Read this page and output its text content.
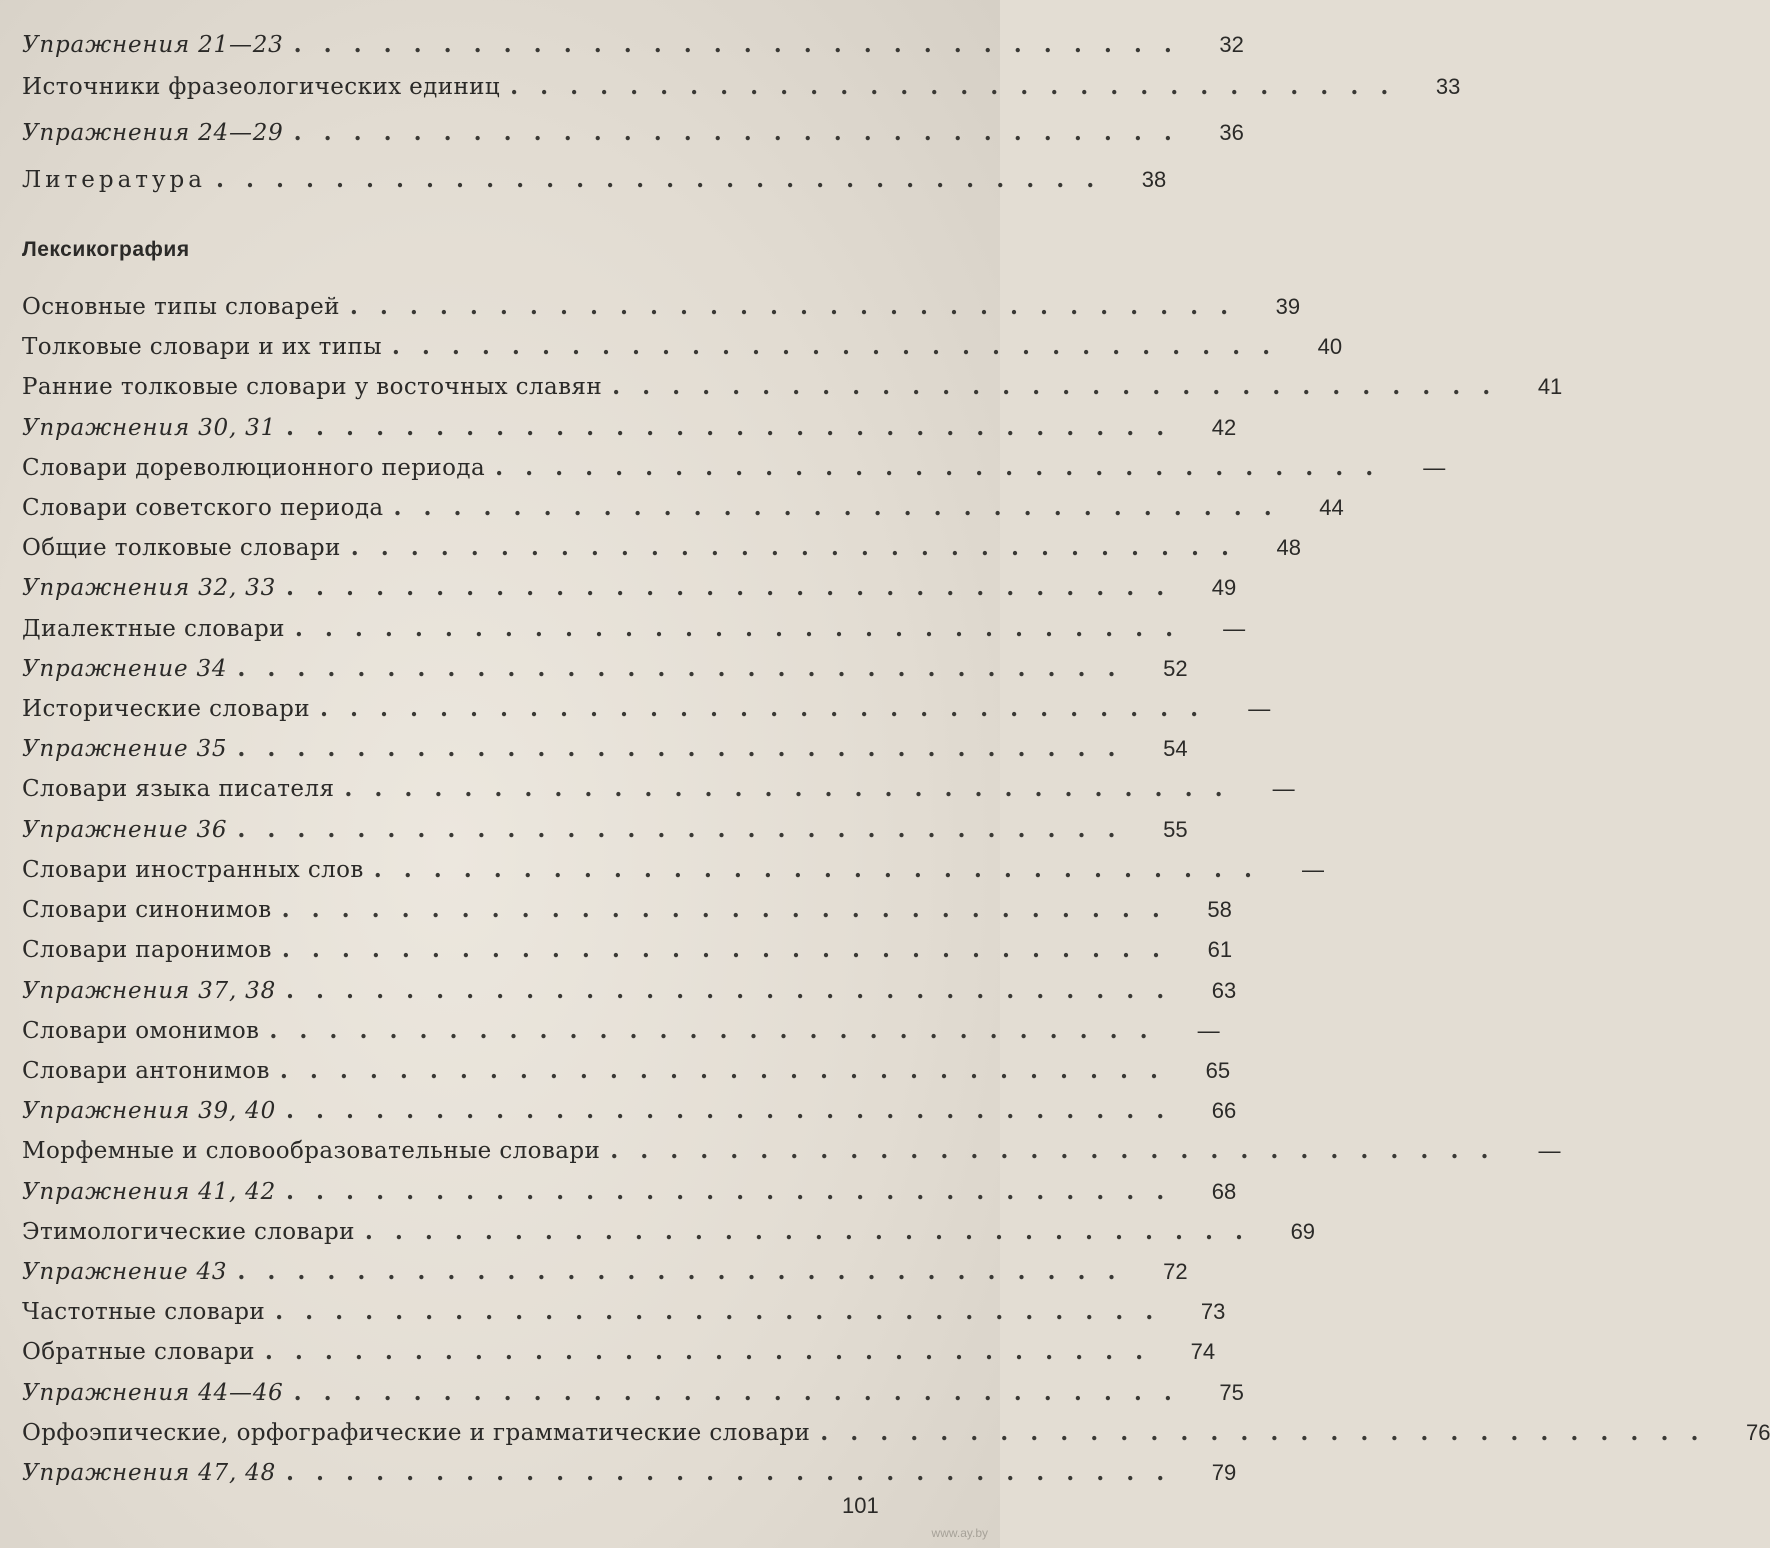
Упражнения 21—23 ..............................	32
Источники фразеологических единиц ..............................	33
Упражнения 24—29 ..............................	36
Литература ..............................	38
Основные типы словарей ..............................	39
Толковые словари и их типы ..............................	40
Ранние толковые словари у восточных славян ..............................	41
Упражнения 30, 31 ..............................	42
Словари дореволюционного периода ..............................	—
Словари советского периода ..............................	44
Общие толковые словари ..............................	48
Упражнения 32, 33 ..............................	49
Диалектные словари ..............................	—
Упражнение 34 ..............................	52
Исторические словари ..............................	—
Упражнение 35 ..............................	54
Словари языка писателя ..............................	—
Упражнение 36 ..............................	55
Словари иностранных слов ..............................	—
Словари синонимов ..............................	58
Словари паронимов ..............................	61
Упражнения 37, 38 ..............................	63
Словари омонимов ..............................	—
Словари антонимов ..............................	65
Упражнения 39, 40 ..............................	66
Морфемные и словообразовательные словари ..............................	—
Упражнения 41, 42 ..............................	68
Этимологические словари ..............................	69
Упражнение 43 ..............................	72
Частотные словари ..............................	73
Обратные словари ..............................	74
Упражнения 44—46 ..............................	75
Орфоэпические, орфографические и грамматические словари ..............................	76
Упражнения 47, 48 ..............................	79
Лексикография
101
www.ay.by
